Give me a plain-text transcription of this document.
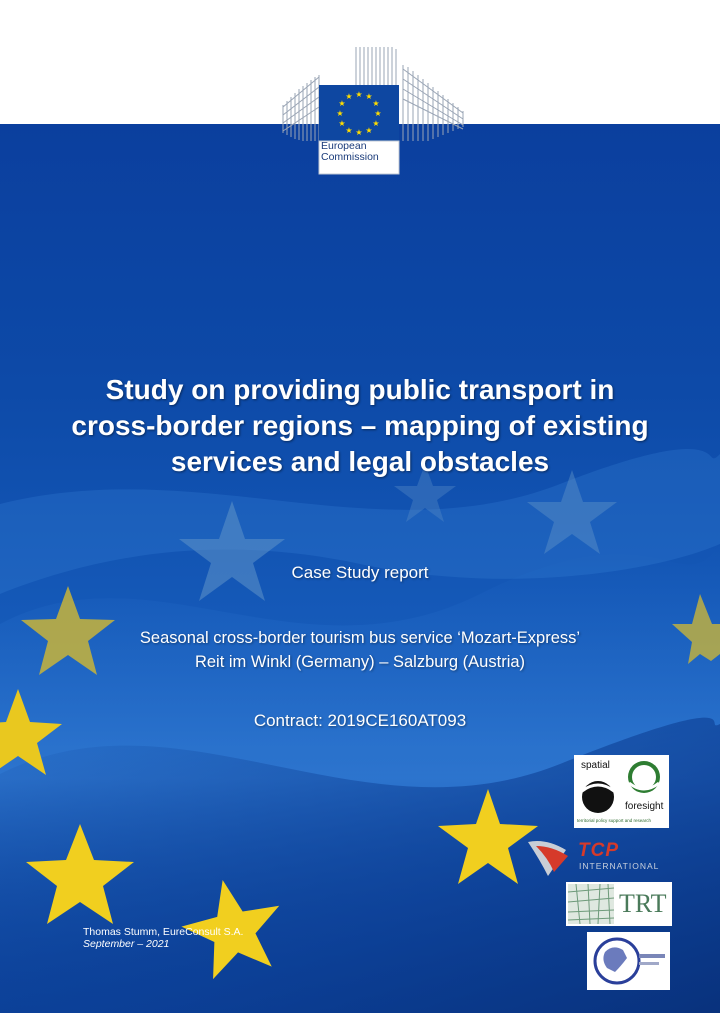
★ ★
★
★
★
★
★
★
★
★
★
★
European
Commission
Study on providing public transport in cross-border regions – mapping of existing services and legal obstacles
Case Study report
Seasonal cross-border tourism bus service ‘Mozart-Express’
Reit im Winkl (Germany) – Salzburg (Austria)
Contract: 2019CE160AT093
Thomas Stumm, EureConsult S.A.
September – 2021
spatial
foresight
territorial policy support and research
TCP
INTERNATIONAL
TRT
